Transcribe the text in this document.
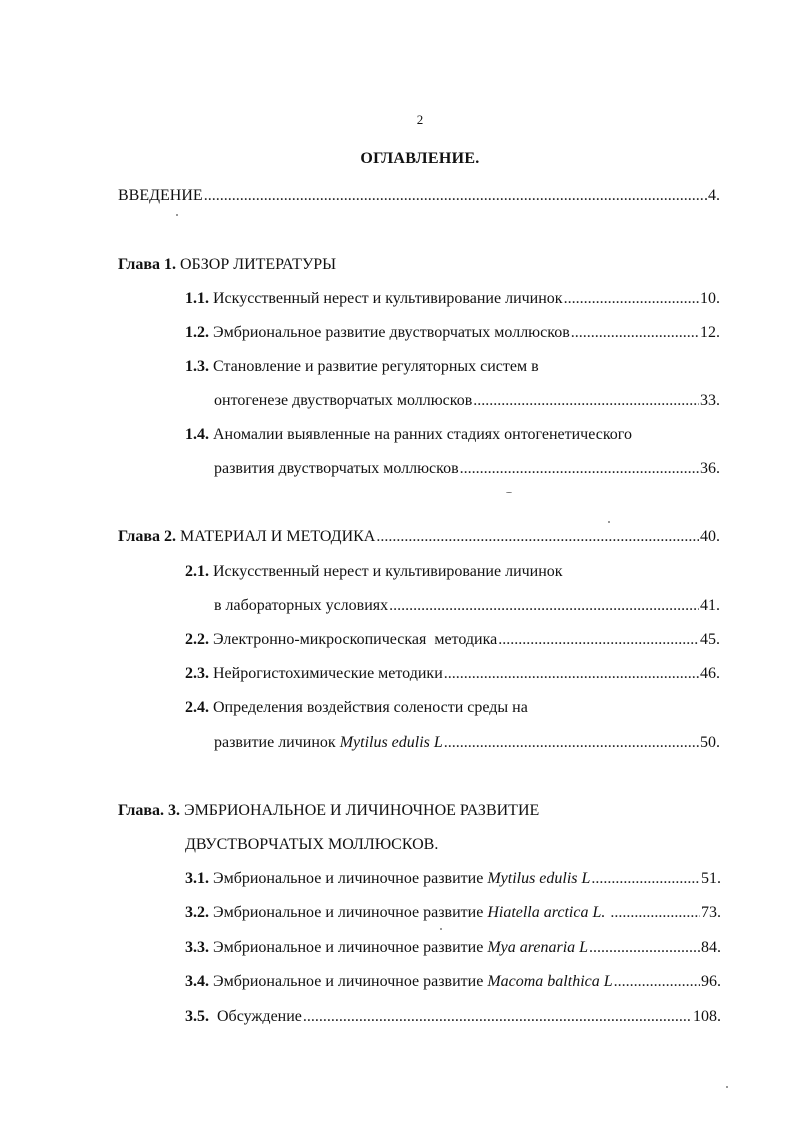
2
ОГЛАВЛЕНИЕ.
ВВЕДЕНИЕ .....	.4.
Глава 1. ОБЗОР ЛИТЕРАТУРЫ
1.1. Искусственный нерест и культивирование личинок .....	10.
1.2. Эмбриональное развитие двустворчатых моллюсков .....	12.
1.3. Становление и развитие регуляторных систем в
онтогенезе двустворчатых моллюсков .....	33.
1.4. Аномалии выявленные на ранних стадиях онтогенетического
развития двустворчатых моллюсков .....	36.
Глава 2. МАТЕРИАЛ И МЕТОДИКА .....	40.
2.1. Искусственный нерест и культивирование личинок
в лабораторных условиях .....	41.
2.2. Электронно-микроскопическая  методика .....	45.
2.3. Нейрогистохимические методики .....	46.
2.4. Определения воздействия солености среды на
развитие личинок Mytilus edulis L .....	50.
Глава. 3. ЭМБРИОНАЛЬНОЕ И ЛИЧИНОЧНОЕ РАЗВИТИЕ
ДВУСТВОРЧАТЫХ МОЛЛЮСКОВ.
3.1. Эмбриональное и личиночное развитие Mytilus edulis L .....	51.
3.2. Эмбриональное и личиночное развитие Hiatella arctica L. .....	73.
3.3. Эмбриональное и личиночное развитие Mya arenaria L .....	84.
3.4. Эмбриональное и личиночное развитие Macoma balthica L .....	96.
3.5.  Обсуждение .....	108.
